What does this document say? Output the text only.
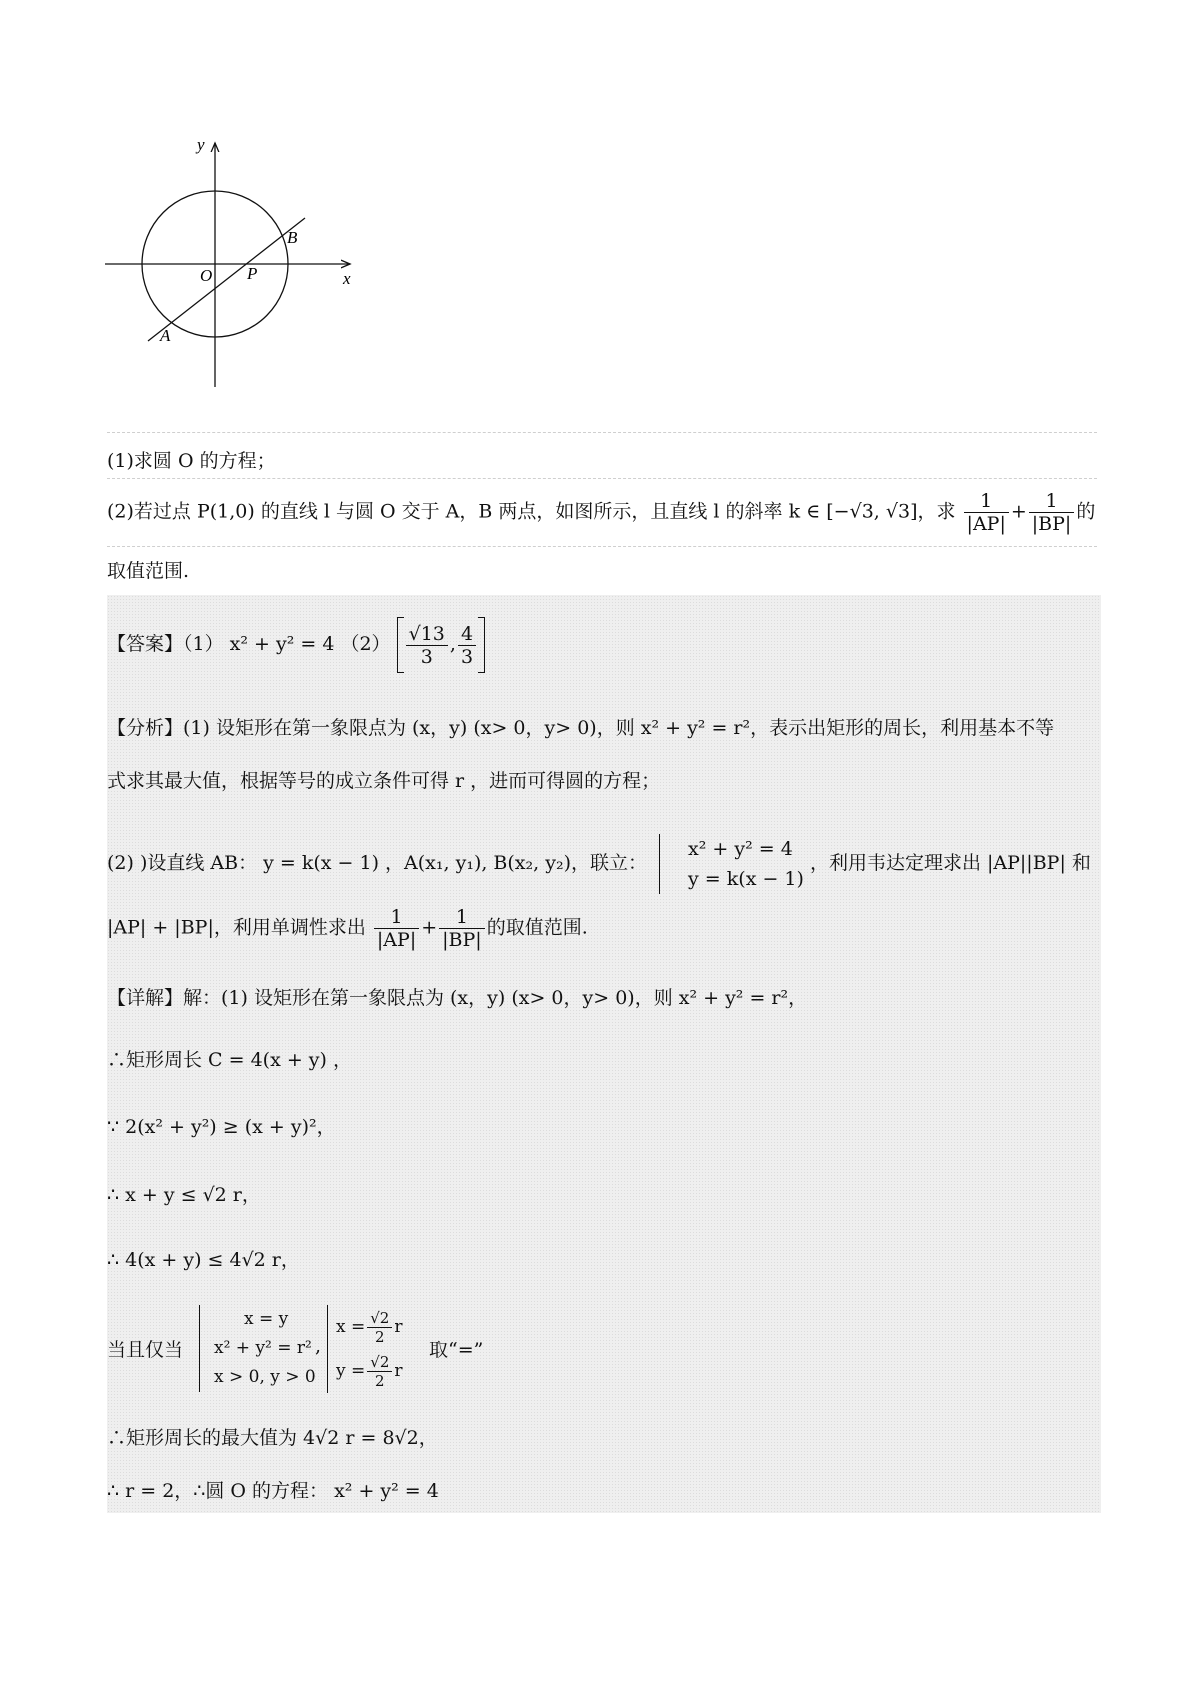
y
x
O P
B
A
(1)求圆 O 的方程；
(2)若过点 P(1,0) 的直线 l 与圆 O 交于 A，B 两点，如图所示，且直线 l 的斜率 k ∈ [−√3, √3]，求 $\frac{1}{|AP|} + \frac{1}{|BP|}$ 的
取值范围.
【答案】（1） x² + y² = 4 $(2) \frac{√13}{3}$ , $\frac{4}{3}$
【分析】(1) 设矩形在第一象限点为 (x，y) (x> 0，y> 0)，则 x² + y² = r²，表示出矩形的周长，利用基本不等
式求其最大值，根据等号的成立条件可得 r ，进而可得圆的方程；
(2) )设直线 AB： y = k(x − 1) ，A(x₁, y₁), B(x₂, y₂)，联立：
x² + y² = 4
y = k(x − 1)
，利用韦达定理求出 |AP||BP| 和
|AP| + |BP|，利用单调性求出 $\frac{1}{|AP|} + \frac{1}{|BP|}$ 的取值范围.
【详解】解：(1) 设矩形在第一象限点为 (x，y) (x> 0，y> 0)，则 x² + y² = r²，
∴矩形周长 C = 4(x + y) ，
∵ 2(x² + y²) ≥ (x + y)²，
∴ x + y ≤ √2 r，
∴ 4(x + y) ≤ 4√2 r，
当且仅当
x = y
x² + y² = r²
x > 0, y > 0
,
$x = \frac{√2}{2}$ r
$y = \frac{√2}{2}$ r
取“=”
∴矩形周长的最大值为 4√2 r = 8√2，
∴ r = 2，∴圆 O 的方程： x² + y² = 4
